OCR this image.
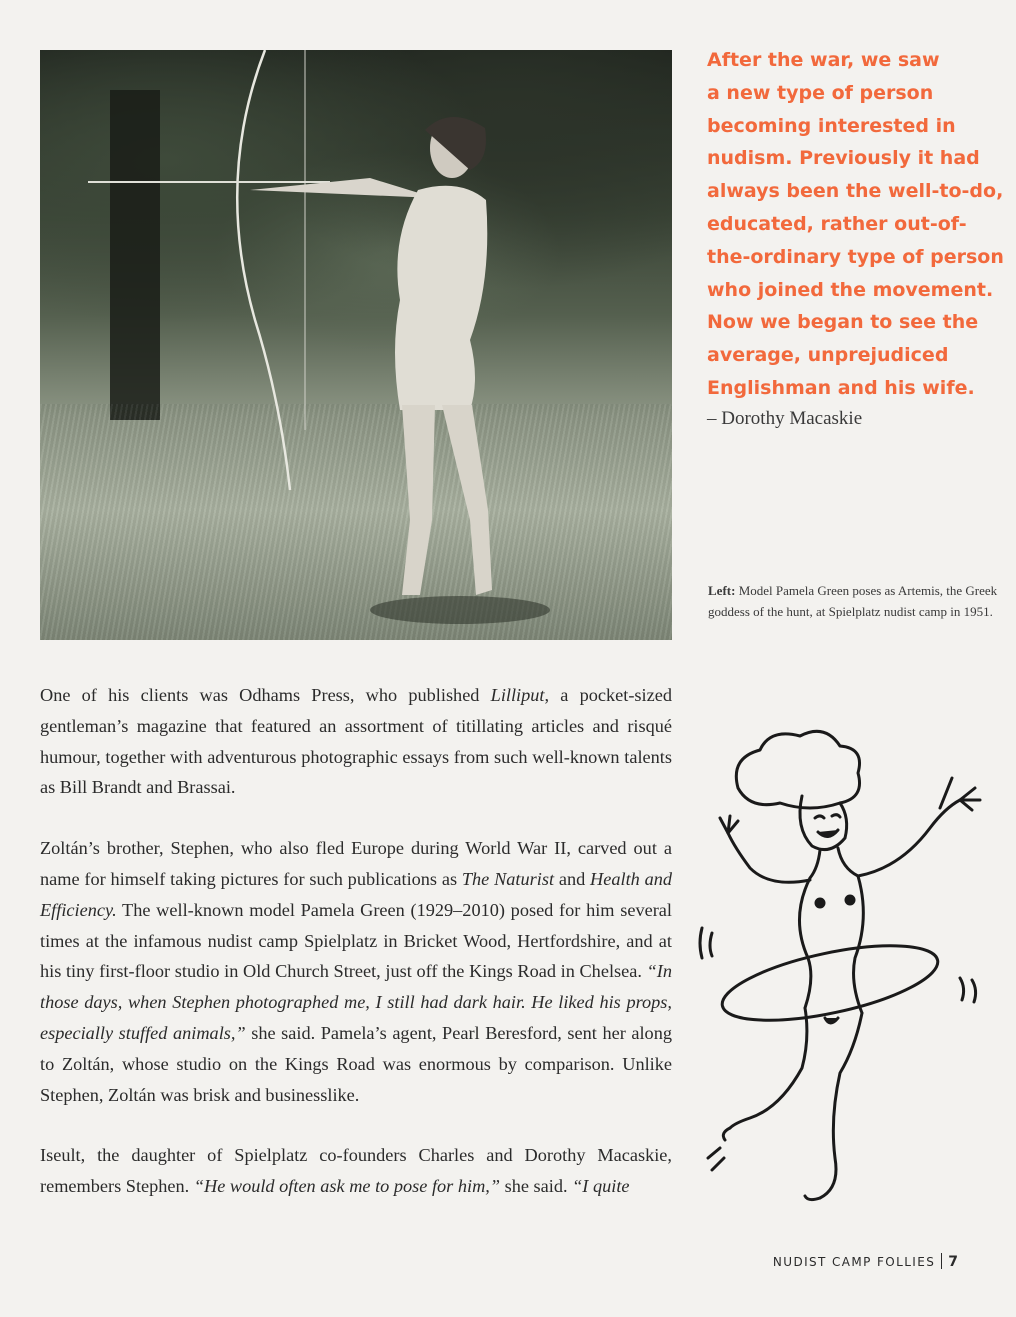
After the war, we saw
a new type of person
becoming interested in
nudism. Previously it had
always been the well-to-do,
educated, rather out-of-
the-ordinary type of person
who joined the movement.
Now we began to see the
average, unprejudiced
Englishman and his wife.

– Dorothy Macaskie

Left: Model Pamela Green poses as Artemis, the Greek goddess of the hunt, at Spielplatz nudist camp in 1951.

One of his clients was Odhams Press, who published Lilliput, a pocket-sized gentleman’s magazine that featured an assortment of titillating articles and risqué humour, together with adventurous photographic essays from such well-known talents as Bill Brandt and Brassai.

Zoltán’s brother, Stephen, who also fled Europe during World War II, carved out a name for himself taking pictures for such publications as The Naturist and Health and Efficiency. The well-known model Pamela Green (1929–2010) posed for him several times at the infamous nudist camp Spielplatz in Bricket Wood, Hertfordshire, and at his tiny first-floor studio in Old Church Street, just off the Kings Road in Chelsea. “In those days, when Stephen photographed me, I still had dark hair. He liked his props, especially stuffed animals,” she said. Pamela’s agent, Pearl Beresford, sent her along to Zoltán, whose studio on the Kings Road was enormous by comparison. Unlike Stephen, Zoltán was brisk and businesslike.

Iseult, the daughter of Spielplatz co-founders Charles and Dorothy Macaskie, remembers Stephen. “He would often ask me to pose for him,” she said. “I quite

NUDIST CAMP FOLLIES 7
